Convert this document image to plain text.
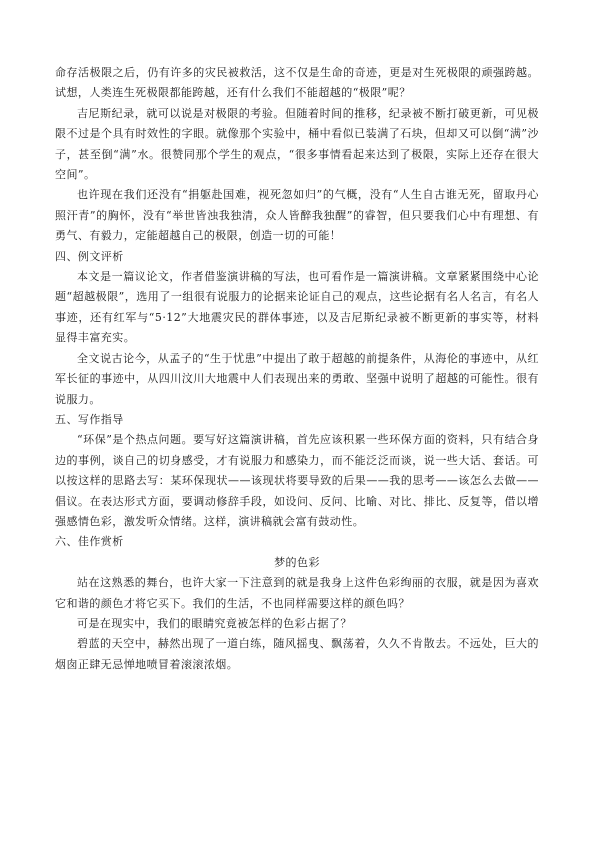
命存活极限之后，仍有许多的灾民被救活，这不仅是生命的奇迹，更是对生死极限的顽强跨越。试想，人类连生死极限都能跨越，还有什么我们不能超越的“极限”呢？

吉尼斯纪录，就可以说是对极限的考验。但随着时间的推移，纪录被不断打破更新，可见极限不过是个具有时效性的字眼。就像那个实验中，桶中看似已装满了石块，但却又可以倒“满”沙子，甚至倒“满”水。很赞同那个学生的观点，“很多事情看起来达到了极限，实际上还存在很大空间”。

也许现在我们还没有“捐躯赴国难，视死忽如归”的气概，没有“人生自古谁无死，留取丹心照汗青”的胸怀，没有“举世皆浊我独清，众人皆醉我独醒”的睿智，但只要我们心中有理想、有勇气、有毅力，定能超越自己的极限，创造一切的可能！

四、例文评析

本文是一篇议论文，作者借鉴演讲稿的写法，也可看作是一篇演讲稿。文章紧紧围绕中心论题“超越极限”，选用了一组很有说服力的论据来论证自己的观点，这些论据有名人名言，有名人事迹，还有红军与“5·12”大地震灾民的群体事迹，以及吉尼斯纪录被不断更新的事实等，材料显得丰富充实。

全文说古论今，从孟子的“生于忧患”中提出了敢于超越的前提条件，从海伦的事迹中，从红军长征的事迹中，从四川汶川大地震中人们表现出来的勇敢、坚强中说明了超越的可能性。很有说服力。

五、写作指导

“环保”是个热点问题。要写好这篇演讲稿，首先应该积累一些环保方面的资料，只有结合身边的事例，谈自己的切身感受，才有说服力和感染力，而不能泛泛而谈，说一些大话、套话。可以按这样的思路去写：某环保现状——该现状将要导致的后果——我的思考——该怎么去做——倡议。在表达形式方面，要调动修辞手段，如设问、反问、比喻、对比、排比、反复等，借以增强感情色彩，激发听众情绪。这样，演讲稿就会富有鼓动性。

六、佳作赏析

梦的色彩

站在这熟悉的舞台，也许大家一下注意到的就是我身上这件色彩绚丽的衣服，就是因为喜欢它和谐的颜色才将它买下。我们的生活，不也同样需要这样的颜色吗？

可是在现实中，我们的眼睛究竟被怎样的色彩占据了？

碧蓝的天空中，赫然出现了一道白练，随风摇曳、飘荡着，久久不肯散去。不远处，巨大的烟囱正肆无忌惮地喷冒着滚滚浓烟。
